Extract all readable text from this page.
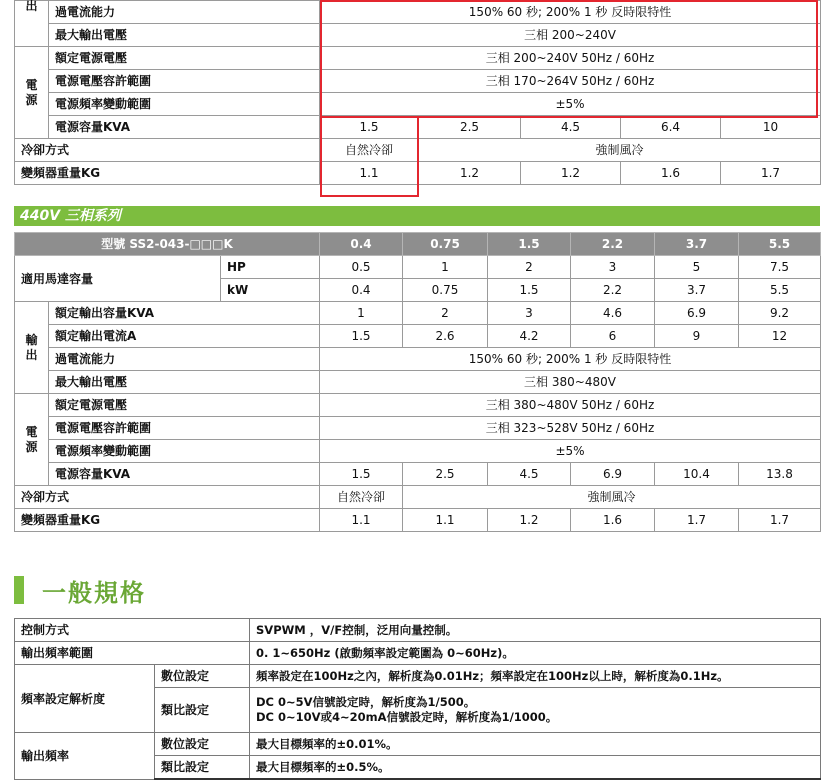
出	過電流能力	150% 60 秒; 200% 1 秒 反時限特性				
	最大輸出電壓	三相 200~240V				
電
源	額定電源電壓	三相 200~240V 50Hz / 60Hz				
	電源電壓容許範圍	三相 170~264V 50Hz / 60Hz				
	電源頻率變動範圍	±5%				
	電源容量KVA	1.5	2.5	4.5	6.4	10
冷卻方式		自然冷卻	強制風冷			
變頻器重量KG		1.1	1.2	1.2	1.6	1.7
440V 三相系列
型號 SS2-043-□□□K			0.4	0.75	1.5	2.2	3.7	5.5
適用馬達容量		HP	0.5	1	2	3	5	7.5
		kW	0.4	0.75	1.5	2.2	3.7	5.5
輸
出	額定輸出容量KVA		1	2	3	4.6	6.9	9.2
	額定輸出電流A		1.5	2.6	4.2	6	9	12
	過電流能力		150% 60 秒; 200% 1 秒 反時限特性					
	最大輸出電壓		三相 380~480V					
電
源	額定電源電壓		三相 380~480V 50Hz / 60Hz					
	電源電壓容許範圍		三相 323~528V 50Hz / 60Hz					
	電源頻率變動範圍		±5%					
	電源容量KVA		1.5	2.5	4.5	6.9	10.4	13.8
冷卻方式			自然冷卻	強制風冷				
變頻器重量KG			1.1	1.1	1.2	1.6	1.7	1.7
一般規格
控制方式		SVPWM ，V/F控制，泛用向量控制。
輸出頻率範圍		0. 1~650Hz (啟動頻率設定範圍為 0~60Hz)。
頻率設定解析度	數位設定	頻率設定在100Hz之內，解析度為0.01Hz；頻率設定在100Hz以上時，解析度為0.1Hz。
	類比設定	DC 0~5V信號設定時，解析度為1/500。
DC 0~10V或4~20mA信號設定時，解析度為1/1000。

輸出頻率	數位設定	最大目標頻率的±0.01%。
	類比設定	最大目標頻率的±0.5%。
